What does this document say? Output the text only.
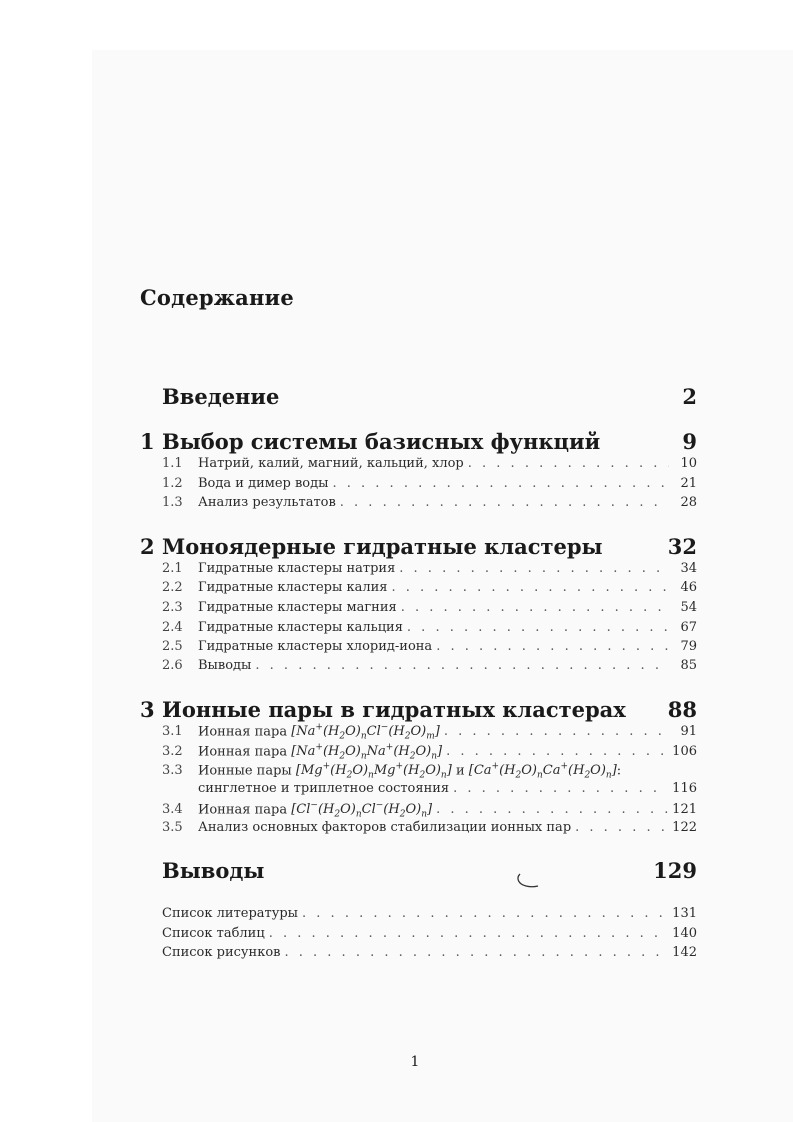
Содержание
Введение	2
1 Выбор системы базисных функций	9
1.1	Натрий, калий, магний, кальций, хлор . . .	10
1.2	Вода и димер воды . . .	21
1.3	Анализ результатов . . .	28
2 Моноядерные гидратные кластеры	32
2.1	Гидратные кластеры натрия . . .	34
2.2	Гидратные кластеры калия . . .	46
2.3	Гидратные кластеры магния . . .	54
2.4	Гидратные кластеры кальция . . .	67
2.5	Гидратные кластеры хлорид-иона . . .	79
2.6	Выводы . . .	85
3 Ионные пары в гидратных кластерах	88
3.1	Ионная пара $[Na^+(H_2O)_nCl^-(H_2O)_m]$ . . .	91
3.2	Ионная пара $[Na^+(H_2O)_nNa^+(H_2O)_n]$ . . .	106
3.3	Ионные пары $[Mg^+(H_2O)_nMg^+(H_2O)_n]$ и $[Ca^+(H_2O)_nCa^+(H_2O)_n]$:
синглетное и триплетное состояния . . .	116
3.4	Ионная пара $[Cl^-(H_2O)_nCl^-(H_2O)_n]$ . . .	121
3.5	Анализ основных факторов стабилизации ионных пар . . .	122
Выводы	129
Список литературы . . .	131
Список таблиц . . .	140
Список рисунков . . .	142
1
